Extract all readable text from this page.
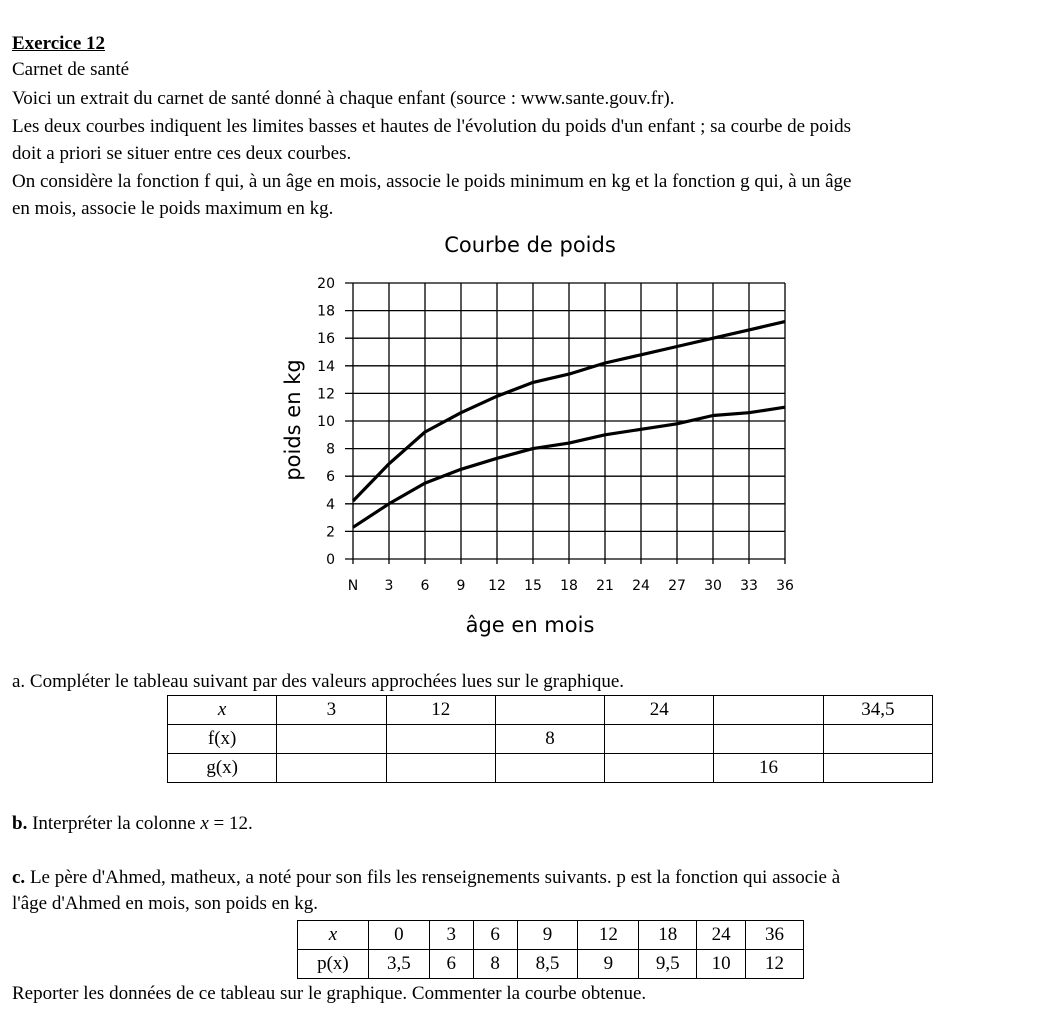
Exercice 12
Carnet de santé
Voici un extrait du carnet de santé donné à chaque enfant (source : www.sante.gouv.fr).
Les deux courbes indiquent les limites basses et hautes de l'évolution du poids d'un enfant ; sa courbe de poids
doit a priori se situer entre ces deux courbes.
On considère la fonction f qui, à un âge en mois, associe le poids minimum en kg et la fonction g qui, à un âge
en mois, associe le poids maximum en kg.
Courbe de poids
N 3 6 9 12 15 18 21 24 27 30 33 36
0
2
4
6
8
10
12
14
16
18
20
âge en mois
poids en kg
a. Compléter le tableau suivant par des valeurs approchées lues sur le graphique.
x	3	12		24		34,5
f(x)			8			
g(x)					16	
b. Interpréter la colonne x = 12.
c. Le père d'Ahmed, matheux, a noté pour son fils les renseignements suivants. p est la fonction qui associe à
l'âge d'Ahmed en mois, son poids en kg.
x	0	3	6	9	12	18	24	36
p(x)	3,5	6	8	8,5	9	9,5	10	12
Reporter les données de ce tableau sur le graphique. Commenter la courbe obtenue.
